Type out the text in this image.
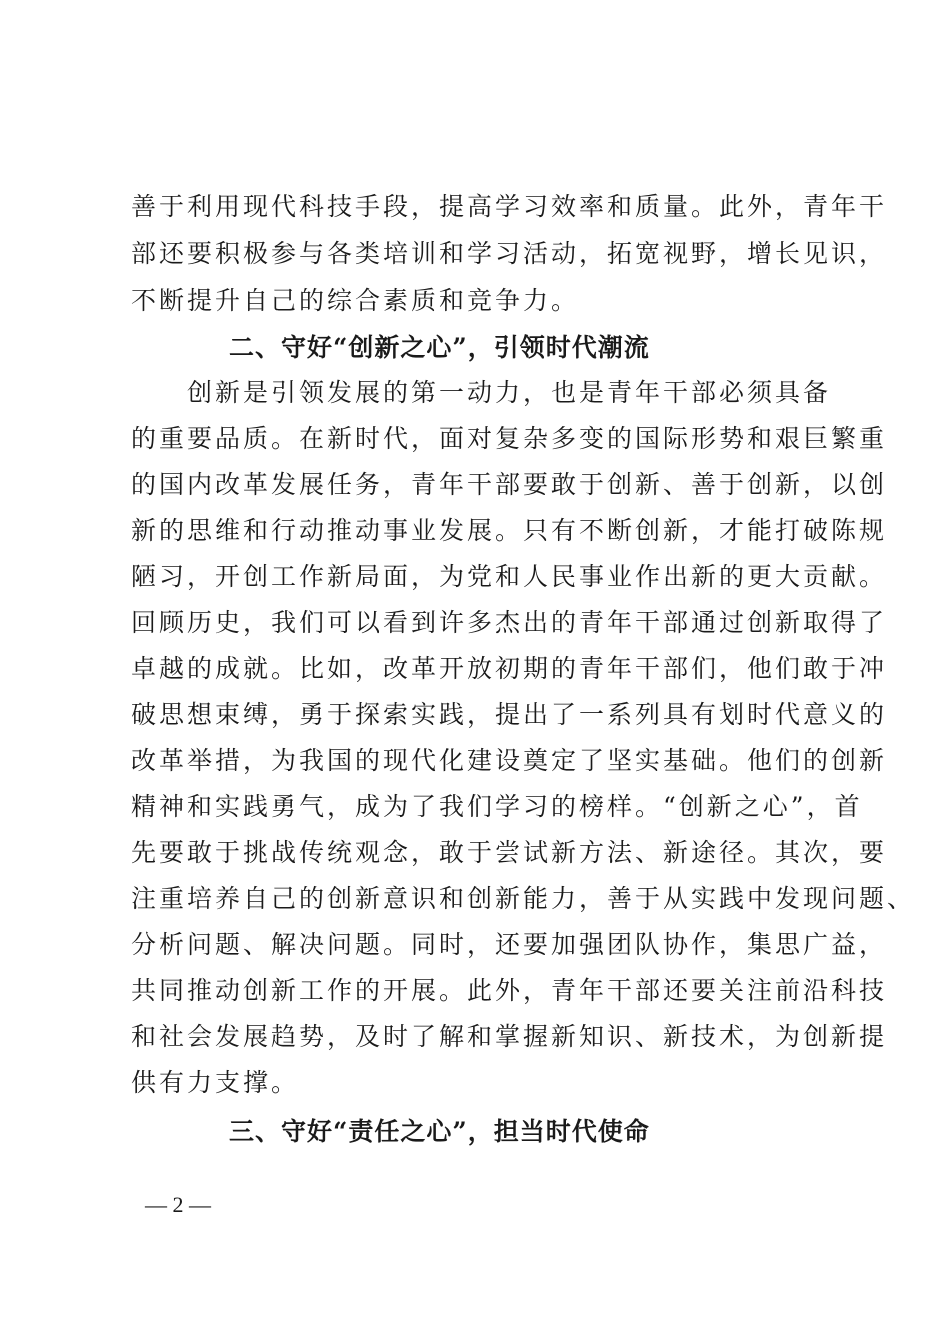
善于利用现代科技手段，提高学习效率和质量。此外，青年干
部还要积极参与各类培训和学习活动，拓宽视野，增长见识，
不断提升自己的综合素质和竞争力。
二、守好“创新之心”，引领时代潮流
　　创新是引领发展的第一动力，也是青年干部必须具备
的重要品质。在新时代，面对复杂多变的国际形势和艰巨繁重
的国内改革发展任务，青年干部要敢于创新、善于创新，以创
新的思维和行动推动事业发展。只有不断创新，才能打破陈规
陋习，开创工作新局面，为党和人民事业作出新的更大贡献。
回顾历史，我们可以看到许多杰出的青年干部通过创新取得了
卓越的成就。比如，改革开放初期的青年干部们，他们敢于冲
破思想束缚，勇于探索实践，提出了一系列具有划时代意义的
改革举措，为我国的现代化建设奠定了坚实基础。他们的创新
精神和实践勇气，成为了我们学习的榜样。“创新之心”，首
先要敢于挑战传统观念，敢于尝试新方法、新途径。其次，要
注重培养自己的创新意识和创新能力，善于从实践中发现问题、
分析问题、解决问题。同时，还要加强团队协作，集思广益，
共同推动创新工作的开展。此外，青年干部还要关注前沿科技
和社会发展趋势，及时了解和掌握新知识、新技术，为创新提
供有力支撑。
三、守好“责任之心”，担当时代使命
— 2 —
